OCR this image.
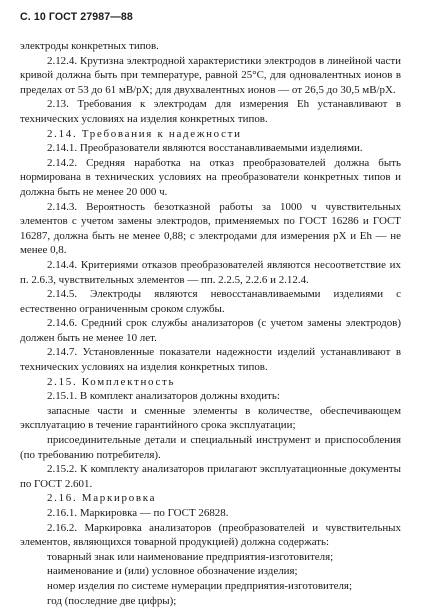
С. 10 ГОСТ 27987—88

электроды конкретных типов.

2.12.4. Крутизна электродной характеристики электродов в линейной части кривой должна быть при температуре, равной 25°С, для одновалентных ионов в пределах от 53 до 61 мВ/рХ; для двухвалентных ионов — от 26,5 до 30,5 мВ/рХ.

2.13. Требования к электродам для измерения Eh устанавливают в технических условиях на изделия конкретных типов.

2.14. Требования к надежности

2.14.1. Преобразователи являются восстанавливаемыми изделиями.

2.14.2. Средняя наработка на отказ преобразователей должна быть нормирована в технических условиях на преобразователи конкретных типов и должна быть не менее 20 000 ч.

2.14.3. Вероятность безотказной работы за 1000 ч чувствительных элементов с учетом замены электродов, применяемых по ГОСТ 16286 и ГОСТ 16287, должна быть не менее 0,88; с электродами для измерения рХ и Eh — не менее 0,8.

2.14.4. Критериями отказов преобразователей являются несоответствие их п. 2.6.3, чувствительных элементов — пп. 2.2.5, 2.2.6 и 2.12.4.

2.14.5. Электроды являются невосстанавливаемыми изделиями с естественно ограниченным сроком службы.

2.14.6. Средний срок службы анализаторов (с учетом замены электродов) должен быть не менее 10 лет.

2.14.7. Установленные показатели надежности изделий устанавливают в технических условиях на изделия конкретных типов.

2.15. Комплектность

2.15.1. В комплект анализаторов должны входить:

запасные части и сменные элементы в количестве, обеспечивающем эксплуатацию в течение гарантийного срока эксплуатации;

присоединительные детали и специальный инструмент и приспособления (по требованию потребителя).

2.15.2. К комплекту анализаторов прилагают эксплуатационные документы по ГОСТ 2.601.

2.16. Маркировка

2.16.1. Маркировка — по ГОСТ 26828.

2.16.2. Маркировка анализаторов (преобразователей и чувствительных элементов, являющихся товарной продукцией) должна содержать:

товарный знак или наименование предприятия-изготовителя;

наименование и (или) условное обозначение изделия;

номер изделия по системе нумерации предприятия-изготовителя;

год (последние две цифры);
